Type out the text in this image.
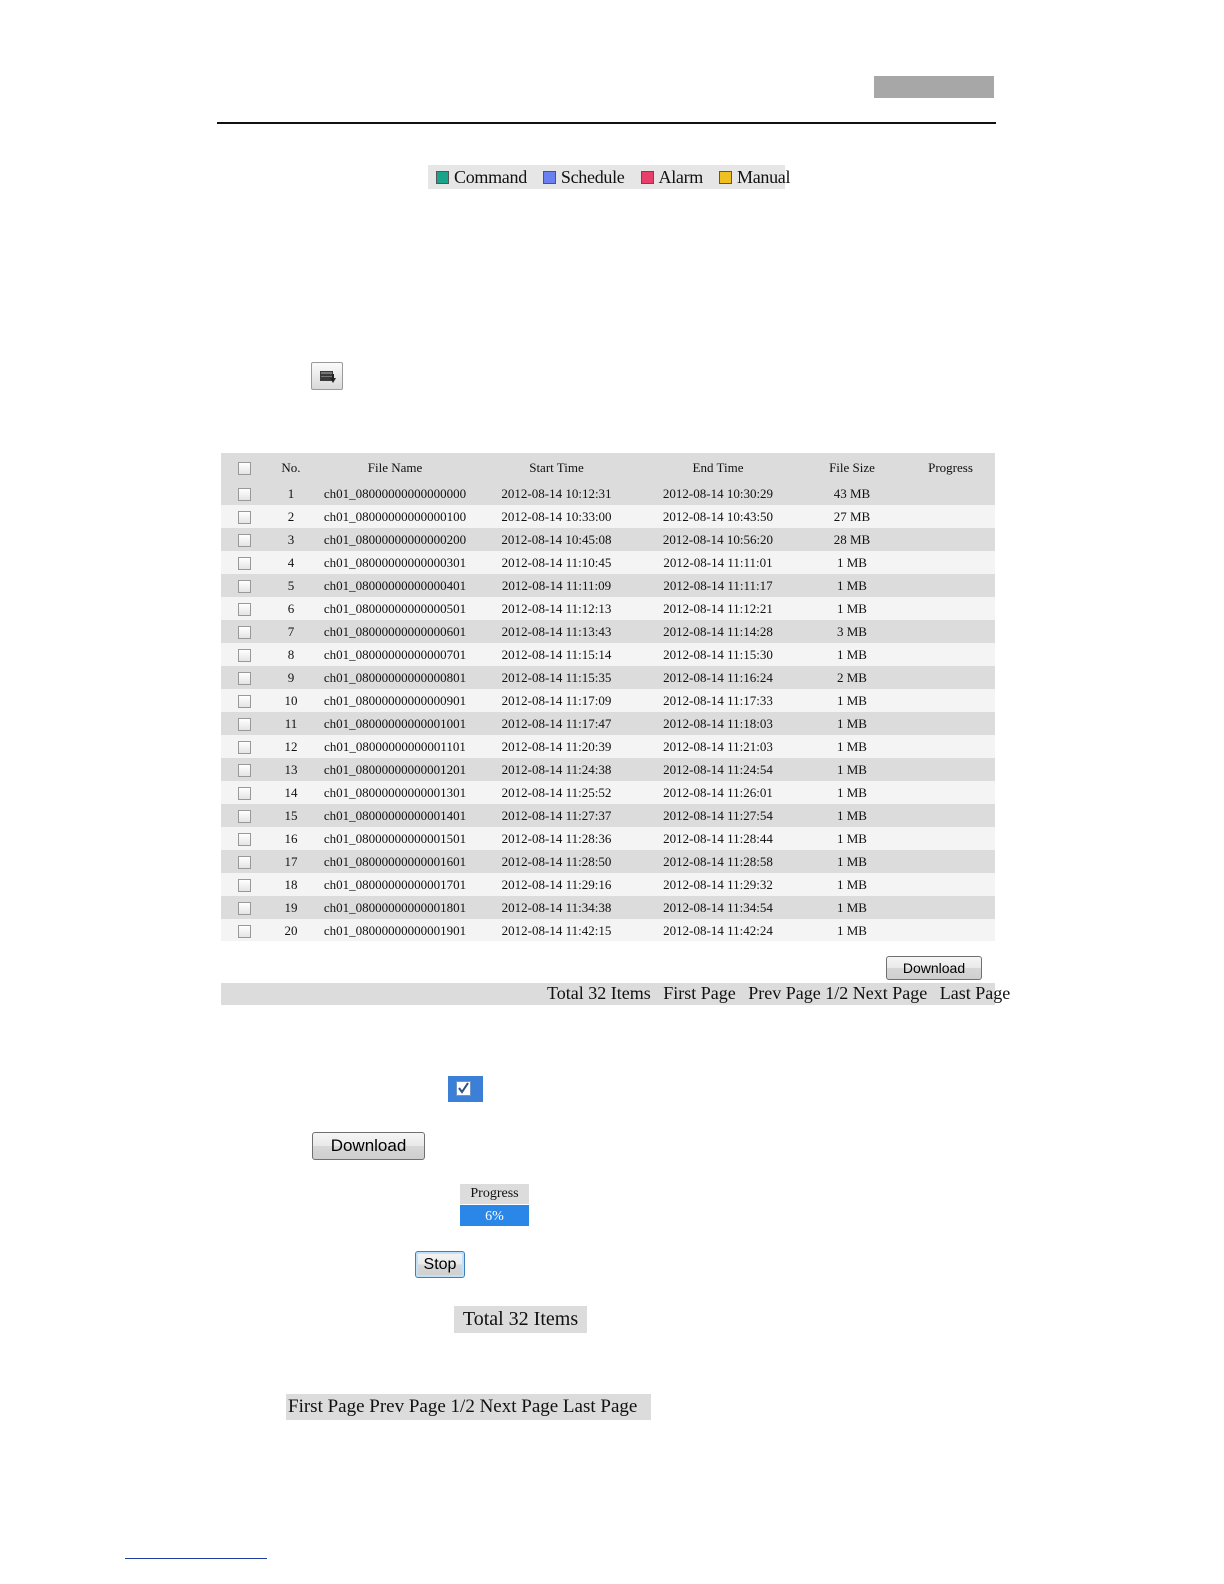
Command Schedule Alarm Manual
	No.	File Name	Start Time	End Time	File Size	Progress
	1	ch01_08000000000000000	2012-08-14 10:12:31	2012-08-14 10:30:29	43 MB	
	2	ch01_08000000000000100	2012-08-14 10:33:00	2012-08-14 10:43:50	27 MB	
	3	ch01_08000000000000200	2012-08-14 10:45:08	2012-08-14 10:56:20	28 MB	
	4	ch01_08000000000000301	2012-08-14 11:10:45	2012-08-14 11:11:01	1 MB	
	5	ch01_08000000000000401	2012-08-14 11:11:09	2012-08-14 11:11:17	1 MB	
	6	ch01_08000000000000501	2012-08-14 11:12:13	2012-08-14 11:12:21	1 MB	
	7	ch01_08000000000000601	2012-08-14 11:13:43	2012-08-14 11:14:28	3 MB	
	8	ch01_08000000000000701	2012-08-14 11:15:14	2012-08-14 11:15:30	1 MB	
	9	ch01_08000000000000801	2012-08-14 11:15:35	2012-08-14 11:16:24	2 MB	
	10	ch01_08000000000000901	2012-08-14 11:17:09	2012-08-14 11:17:33	1 MB	
	11	ch01_08000000000001001	2012-08-14 11:17:47	2012-08-14 11:18:03	1 MB	
	12	ch01_08000000000001101	2012-08-14 11:20:39	2012-08-14 11:21:03	1 MB	
	13	ch01_08000000000001201	2012-08-14 11:24:38	2012-08-14 11:24:54	1 MB	
	14	ch01_08000000000001301	2012-08-14 11:25:52	2012-08-14 11:26:01	1 MB	
	15	ch01_08000000000001401	2012-08-14 11:27:37	2012-08-14 11:27:54	1 MB	
	16	ch01_08000000000001501	2012-08-14 11:28:36	2012-08-14 11:28:44	1 MB	
	17	ch01_08000000000001601	2012-08-14 11:28:50	2012-08-14 11:28:58	1 MB	
	18	ch01_08000000000001701	2012-08-14 11:29:16	2012-08-14 11:29:32	1 MB	
	19	ch01_08000000000001801	2012-08-14 11:34:38	2012-08-14 11:34:54	1 MB	
	20	ch01_08000000000001901	2012-08-14 11:42:15	2012-08-14 11:42:24	1 MB	
Download
Total 32 Items First Page Prev Page 1/2 Next Page Last Page
Download
Progress
6%
Stop
Total 32 Items
First Page Prev Page 1/2 Next Page Last Page
